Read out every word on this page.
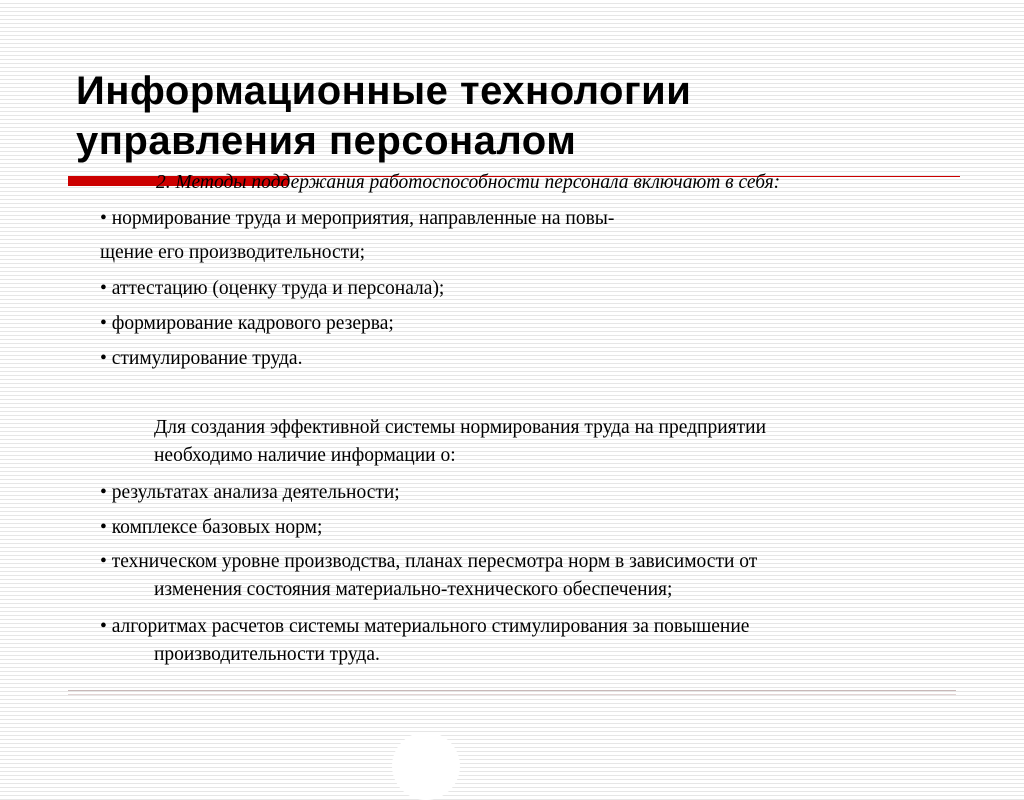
Информационные технологии
управления персоналом
2. Методы поддержания работоспособности персонала включают в себя:
• нормирование труда и мероприятия, направленные на повы-
щение его производительности;
• аттестацию (оценку труда и персонала);
• формирование кадрового резерва;
• стимулирование труда.
Для создания эффективной системы нормирования труда на предприятии
необходимо наличие информации о:
• результатах анализа деятельности;
• комплексе базовых норм;
• техническом уровне производства, планах пересмотра норм в зависимости от
изменения состояния материально-технического обеспечения;
• алгоритмах расчетов системы материального стимулирования за повышение
производительности труда.
